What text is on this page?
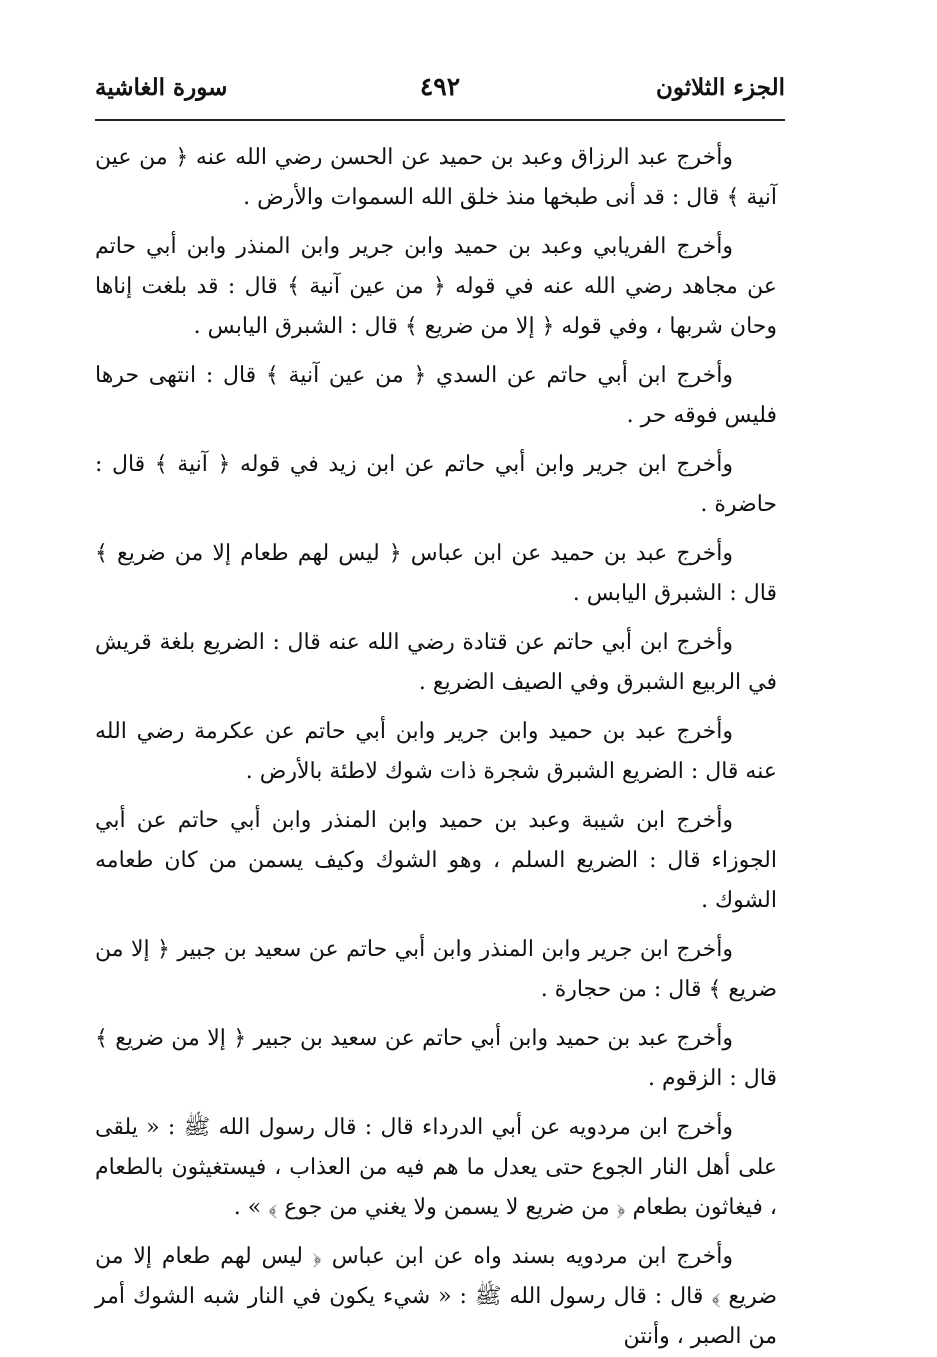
الجزء الثلاثون
٤٩٢
سورة الغاشية

وأخرج عبد الرزاق وعبد بن حميد عن الحسن رضي الله عنه ﴿ من عين آنية ﴾ قال : قد أنى طبخها منذ خلق الله السموات والأرض .

وأخرج الفريابي وعبد بن حميد وابن جرير وابن المنذر وابن أبي حاتم عن مجاهد رضي الله عنه في قوله ﴿ من عين آنية ﴾ قال : قد بلغت إناها وحان شربها ، وفي قوله ﴿ إلا من ضريع ﴾ قال : الشبرق اليابس .

وأخرج ابن أبي حاتم عن السدي ﴿ من عين آنية ﴾ قال : انتهى حرها فليس فوقه حر .

وأخرج ابن جرير وابن أبي حاتم عن ابن زيد في قوله ﴿ آنية ﴾ قال : حاضرة .

وأخرج عبد بن حميد عن ابن عباس ﴿ ليس لهم طعام إلا من ضريع ﴾ قال : الشبرق اليابس .

وأخرج ابن أبي حاتم عن قتادة رضي الله عنه قال : الضريع بلغة قريش في الربيع الشبرق وفي الصيف الضريع .

وأخرج عبد بن حميد وابن جرير وابن أبي حاتم عن عكرمة رضي الله عنه قال : الضريع الشبرق شجرة ذات شوك لاطئة بالأرض .

وأخرج ابن شيبة وعبد بن حميد وابن المنذر وابن أبي حاتم عن أبي الجوزاء قال : الضريع السلم ، وهو الشوك وكيف يسمن من كان طعامه الشوك .

وأخرج ابن جرير وابن المنذر وابن أبي حاتم عن سعيد بن جبير ﴿ إلا من ضريع ﴾ قال : من حجارة .

وأخرج عبد بن حميد وابن أبي حاتم عن سعيد بن جبير ﴿ إلا من ضريع ﴾ قال : الزقوم .

وأخرج ابن مردويه عن أبي الدرداء قال : قال رسول الله ﷺ : « يلقى على أهل النار الجوع حتى يعدل ما هم فيه من العذاب ، فيستغيثون بالطعام ، فيغاثون بطعام ﴿ من ضريع لا يسمن ولا يغني من جوع ﴾ » .

وأخرج ابن مردويه بسند واه عن ابن عباس ﴿ ليس لهم طعام إلا من ضريع ﴾ قال : قال رسول الله ﷺ : « شيء يكون في النار شبه الشوك أمر من الصبر ، وأنتن
